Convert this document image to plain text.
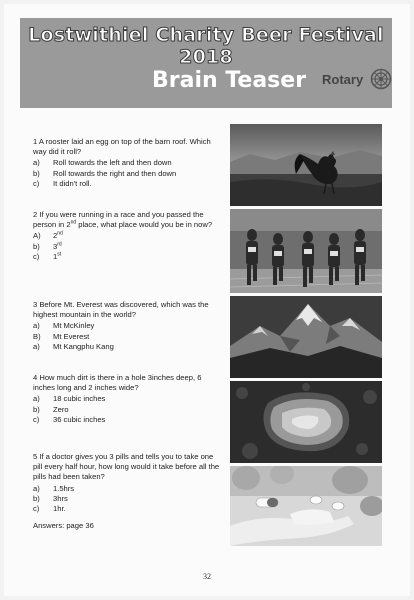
Lostwithiel Charity Beer Festival 2018
Brain Teaser Rotary
1 A rooster laid an egg on top of the barn roof. Which way did it roll?
a)	Roll towards the left and then down
b)	Roll towards the right and then down
c)	It didn't roll.
2 If you were running in a race and you passed the person in 2nd place, what place would you be in now?
A)	2nd
b)	3rd
c)	1st
3 Before Mt. Everest was discovered, which was the highest mountain in the world?
a)	Mt McKinley
B)	Mt Everest
a)	Mt Kangphu Kang
4 How much dirt is there in a hole 3inches deep, 6 inches long and 2 inches wide?
a)	18 cubic inches
b)	Zero
c)	36 cubic inches
5 If a doctor gives you 3 pills and tells you to take one pill every half hour, how long would it take before all the pills had been taken?
a)	1.5hrs
b)	3hrs
c)	1hr.
Answers: page 36
32
